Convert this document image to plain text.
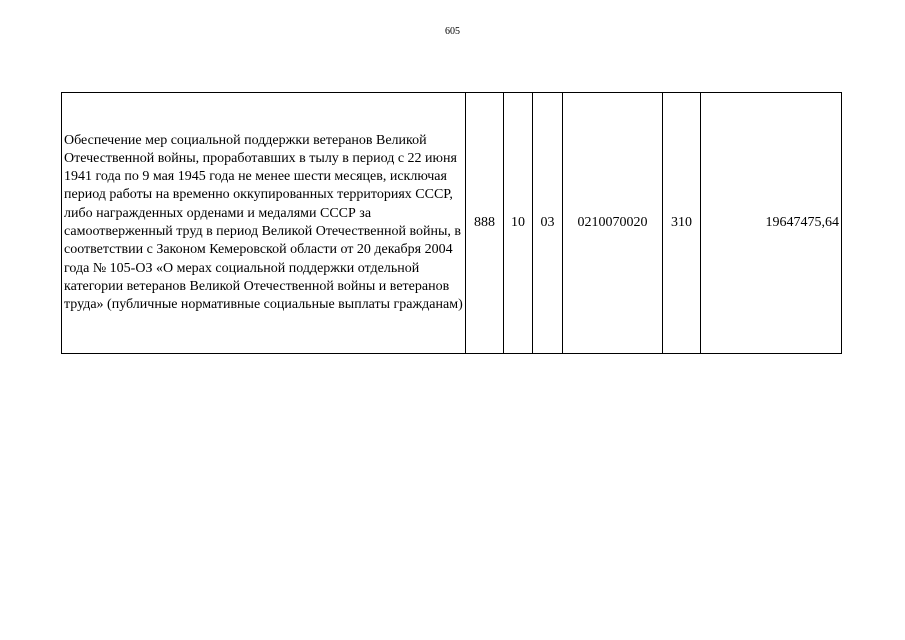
605
Обеспечение мер социальной поддержки ветеранов Великой Отечественной войны, проработавших в тылу в период с 22 июня 1941 года по 9 мая 1945 года не менее шести месяцев, исключая период работы на временно оккупированных территориях СССР, либо награжденных орденами и медалями СССР за самоотверженный труд в период Великой Отечественной войны, в соответствии с Законом Кемеровской области от 20 декабря 2004 года № 105-ОЗ «О мерах социальной поддержки отдельной категории ветеранов Великой Отечественной войны и ветеранов труда» (публичные нормативные социальные выплаты гражданам)	888	10	03	0210070020	310	19647475,64
